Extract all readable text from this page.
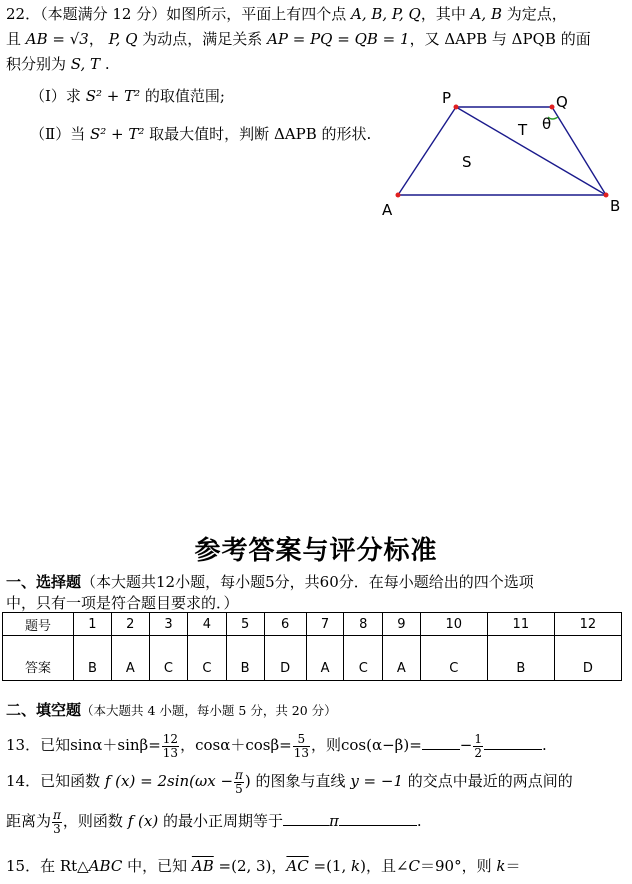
22．（本题满分 12 分）如图所示，平面上有四个点 A, B, P, Q，其中 A, B 为定点，
且 AB = √3， P, Q 为动点，满足关系 AP = PQ = QB = 1，又 ΔAPB 与 ΔPQB 的面
积分别为 S, T .
（Ⅰ）求 S² + T² 的取值范围;
（Ⅱ）当 S² + T² 取最大值时，判断 ΔAPB 的形状.
P	Q
A	B
S
T θ
参考答案与评分标准
一、选择题（本大题共12小题，每小题5分，共60分．在每小题给出的四个选项
中，只有一项是符合题目要求的．）
题号	1	2	3	4	5	6	7	8	9	10	11	12
答案	B	A	C	C	B	D	A	C	A	C	B	D
二、填空题（本大题共 4 小题，每小题 5 分，共 20 分）
13．已知$\sin\alpha+\sin\beta= \frac{12}{13}$ ，$\cos\alpha+\cos\beta= \frac{5}{13}$ ，则cos(α−β)=	− $\frac{1}{2}$	.
14．已知函数 f $(x) = 2\sin(\omega x - \frac{\pi}{5}$ ) 的图象与直线 y = −1 的交点中最近的两点间的
距离为 $\frac{\pi}{3}$ ，则函数 f (x) 的最小正周期等于	π	.
15．在 Rt△ABC 中，已知 $\overline{AB} =(2$, 3)，$\overline{AC} =(1$, k)，且∠C＝90°，则 k＝
